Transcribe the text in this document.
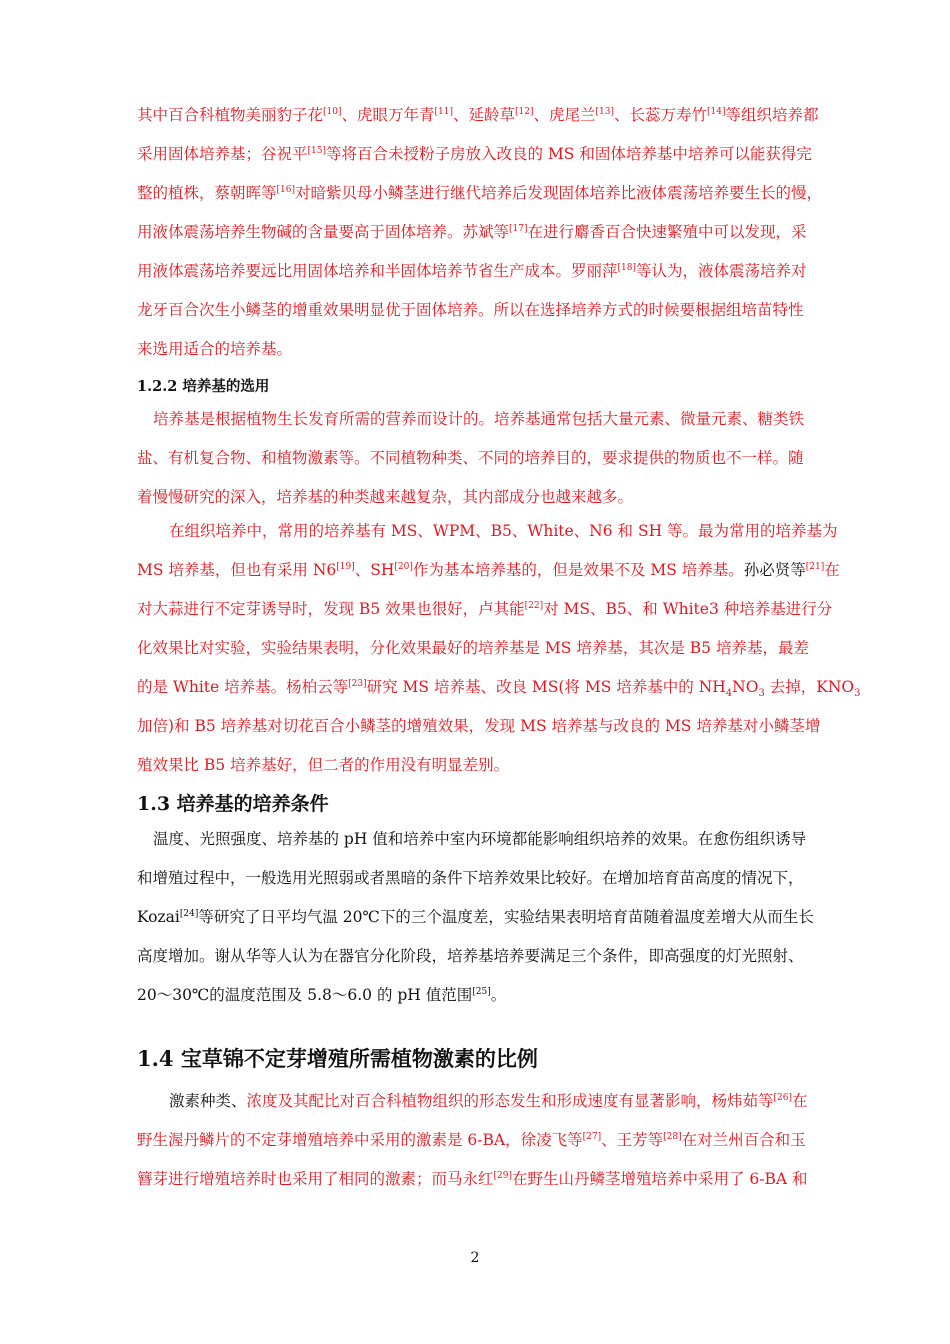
其中百合科植物美丽豹子花[10]、虎眼万年青[11]、延龄草[12]、虎尾兰[13]、长蕊万寿竹[14]等组织培养都
采用固体培养基；谷祝平[15]等将百合未授粉子房放入改良的 MS 和固体培养基中培养可以能获得完
整的植株，蔡朝晖等[16]对暗紫贝母小鳞茎进行继代培养后发现固体培养比液体震荡培养要生长的慢，
用液体震荡培养生物碱的含量要高于固体培养。苏斌等[17]在进行麝香百合快速繁殖中可以发现，采
用液体震荡培养要远比用固体培养和半固体培养节省生产成本。罗丽萍[18]等认为，液体震荡培养对
龙牙百合次生小鳞茎的增重效果明显优于固体培养。所以在选择培养方式的时候要根据组培苗特性
来选用适合的培养基。
1.2.2 培养基的选用
培养基是根据植物生长发育所需的营养而设计的。培养基通常包括大量元素、微量元素、糖类铁
盐、有机复合物、和植物激素等。不同植物种类、不同的培养目的，要求提供的物质也不一样。随
着慢慢研究的深入，培养基的种类越来越复杂，其内部成分也越来越多。
在组织培养中，常用的培养基有 MS、WPM、B5、White、N6 和 SH 等。最为常用的培养基为
MS 培养基，但也有采用 N6[19]、SH[20]作为基本培养基的，但是效果不及 MS 培养基。孙必贤等[21]在
对大蒜进行不定芽诱导时，发现 B5 效果也很好，卢其能[22]对 MS、B5、和 White3 种培养基进行分
化效果比对实验，实验结果表明，分化效果最好的培养基是 MS 培养基，其次是 B5 培养基，最差
的是 White 培养基。杨柏云等[23]研究 MS 培养基、改良 MS(将 MS 培养基中的 $NH_4NO_3$ 去掉，$KNO_3$
加倍)和 B5 培养基对切花百合小鳞茎的增殖效果，发现 MS 培养基与改良的 MS 培养基对小鳞茎增
殖效果比 B5 培养基好，但二者的作用没有明显差别。
1.3 培养基的培养条件
温度、光照强度、培养基的 pH 值和培养中室内环境都能影响组织培养的效果。在愈伤组织诱导
和增殖过程中，一般选用光照弱或者黑暗的条件下培养效果比较好。在增加培育苗高度的情况下，
Kozai[24]等研究了日平均气温 20℃下的三个温度差，实验结果表明培育苗随着温度差增大从而生长
高度增加。谢从华等人认为在器官分化阶段，培养基培养要满足三个条件，即高强度的灯光照射、
20～30℃的温度范围及 5.8～6.0 的 pH 值范围[25]。
1.4 宝草锦不定芽增殖所需植物激素的比例
激素种类、浓度及其配比对百合科植物组织的形态发生和形成速度有显著影响，杨炜茹等[26]在
野生渥丹鳞片的不定芽增殖培养中采用的激素是 6-BA，徐凌飞等[27]、王芳等[28]在对兰州百合和玉
簪芽进行增殖培养时也采用了相同的激素；而马永红[29]在野生山丹鳞茎增殖培养中采用了 6-BA 和
2
